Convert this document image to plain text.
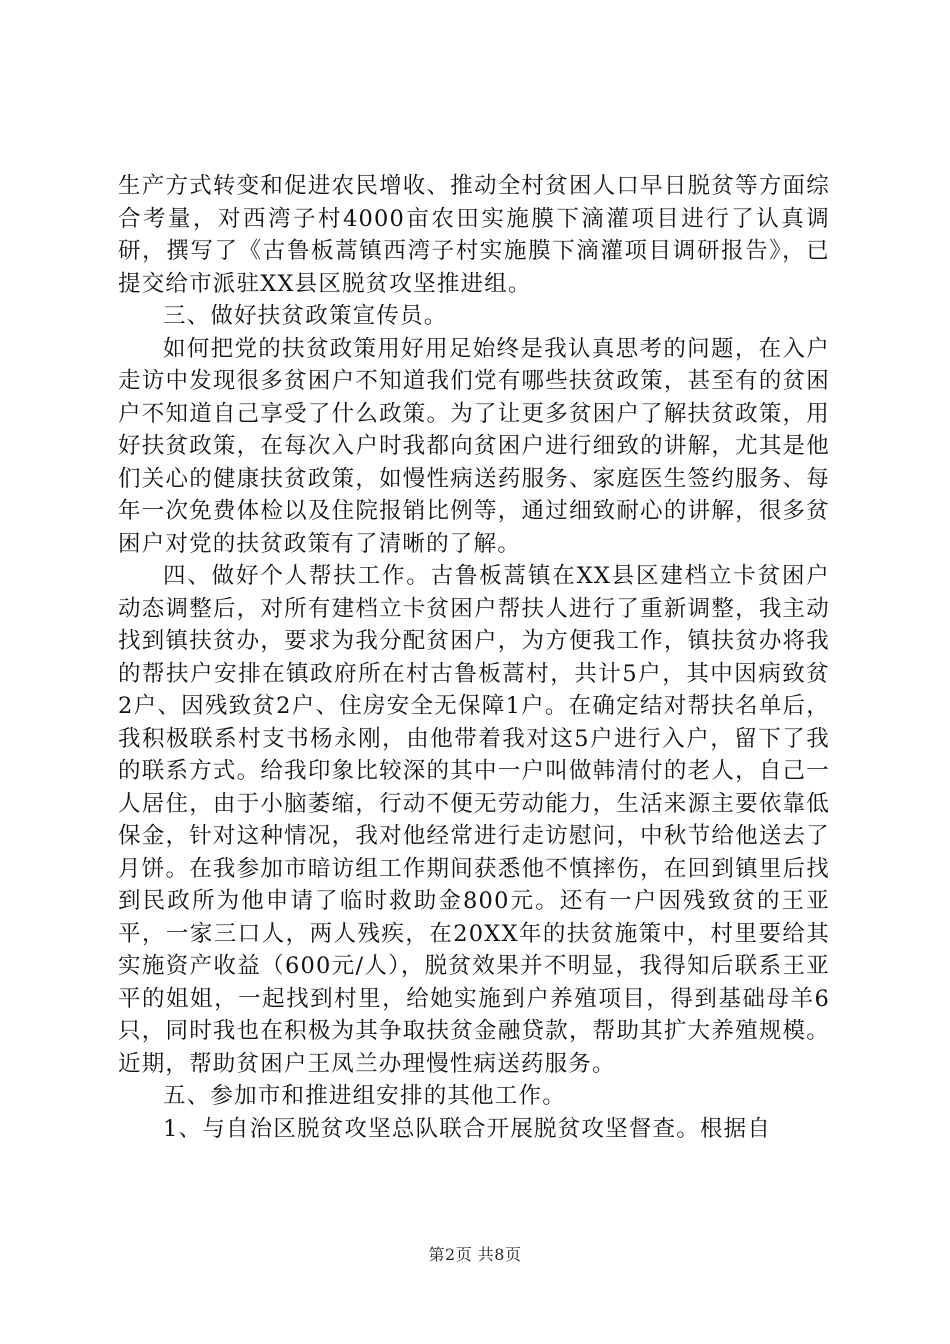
生产方式转变和促进农民增收、推动全村贫困人口早日脱贫等方面综合考量，对西湾子村4000亩农田实施膜下滴灌项目进行了认真调研，撰写了《古鲁板蒿镇西湾子村实施膜下滴灌项目调研报告》，已提交给市派驻XX县区脱贫攻坚推进组。

三、做好扶贫政策宣传员。

如何把党的扶贫政策用好用足始终是我认真思考的问题，在入户走访中发现很多贫困户不知道我们党有哪些扶贫政策，甚至有的贫困户不知道自己享受了什么政策。为了让更多贫困户了解扶贫政策，用好扶贫政策，在每次入户时我都向贫困户进行细致的讲解，尤其是他们关心的健康扶贫政策，如慢性病送药服务、家庭医生签约服务、每年一次免费体检以及住院报销比例等，通过细致耐心的讲解，很多贫困户对党的扶贫政策有了清晰的了解。

四、做好个人帮扶工作。古鲁板蒿镇在XX县区建档立卡贫困户动态调整后，对所有建档立卡贫困户帮扶人进行了重新调整，我主动找到镇扶贫办，要求为我分配贫困户，为方便我工作，镇扶贫办将我的帮扶户安排在镇政府所在村古鲁板蒿村，共计5户，其中因病致贫2户、因残致贫2户、住房安全无保障1户。在确定结对帮扶名单后，我积极联系村支书杨永刚，由他带着我对这5户进行入户，留下了我的联系方式。给我印象比较深的其中一户叫做韩清付的老人，自己一人居住，由于小脑萎缩，行动不便无劳动能力，生活来源主要依靠低保金，针对这种情况，我对他经常进行走访慰问，中秋节给他送去了月饼。在我参加市暗访组工作期间获悉他不慎摔伤，在回到镇里后找到民政所为他申请了临时救助金800元。还有一户因残致贫的王亚平，一家三口人，两人残疾，在20XX年的扶贫施策中，村里要给其实施资产收益（600元/人），脱贫效果并不明显，我得知后联系王亚平的姐姐，一起找到村里，给她实施到户养殖项目，得到基础母羊6只，同时我也在积极为其争取扶贫金融贷款，帮助其扩大养殖规模。近期，帮助贫困户王凤兰办理慢性病送药服务。

五、参加市和推进组安排的其他工作。

1、与自治区脱贫攻坚总队联合开展脱贫攻坚督查。根据自

第2页 共8页
